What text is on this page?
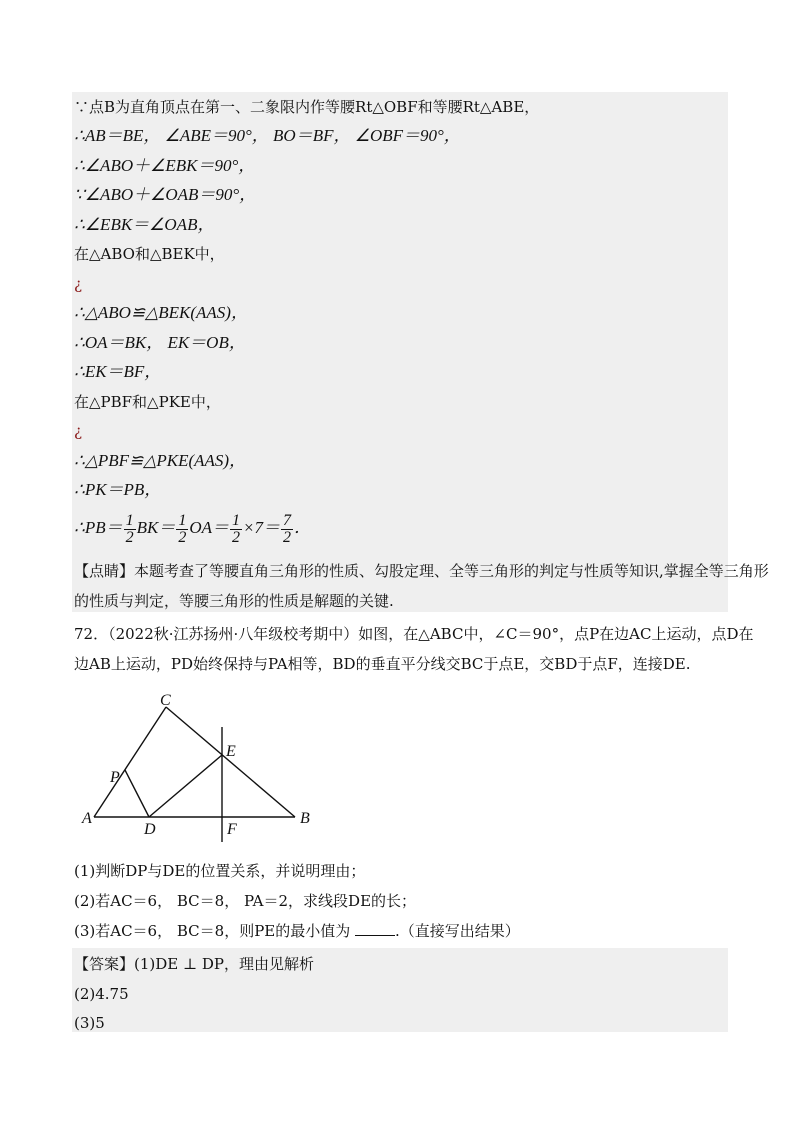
∵点B为直角顶点在第一、二象限内作等腰Rt△OBF和等腰Rt△ABE，
∴AB＝BE， ∠ABE＝90°， BO＝BF， ∠OBF＝90°，
∴∠ABO＋∠EBK＝90°，
∵∠ABO＋∠OAB＝90°，
∴∠EBK＝∠OAB，
在△ABO和△BEK中，
¿
∴△ABO≌△BEK(AAS)，
∴OA＝BK， EK＝OB，
∴EK＝BF，
在△PBF和△PKE中，
¿
∴△PBF≌△PKE(AAS)，
∴PK＝PB，
∴PB＝ $\frac{1}{2} BK= \frac{1}{2} OA= \frac{1}{2} \times 7= \frac{7}{2}$ ．
【点睛】本题考查了等腰直角三角形的性质、勾股定理、全等三角形的判定与性质等知识,掌握全等三角形
的性质与判定，等腰三角形的性质是解题的关键.
72．（2022秋·江苏扬州·八年级校考期中）如图，在△ABC中，∠C＝90°，点P在边AC上运动，点D在
边AB上运动，PD始终保持与PA相等，BD的垂直平分线交BC于点E，交BD于点F，连接DE.
C
E
P
A
D	F
B
(1)判断DP与DE的位置关系，并说明理由；
(2)若AC＝6， BC＝8， PA＝2，求线段DE的长；
(3)若AC＝6， BC＝8，则PE的最小值为	.（直接写出结果）
【答案】(1)DE ⊥ DP，理由见解析
(2)4.75
(3)5
